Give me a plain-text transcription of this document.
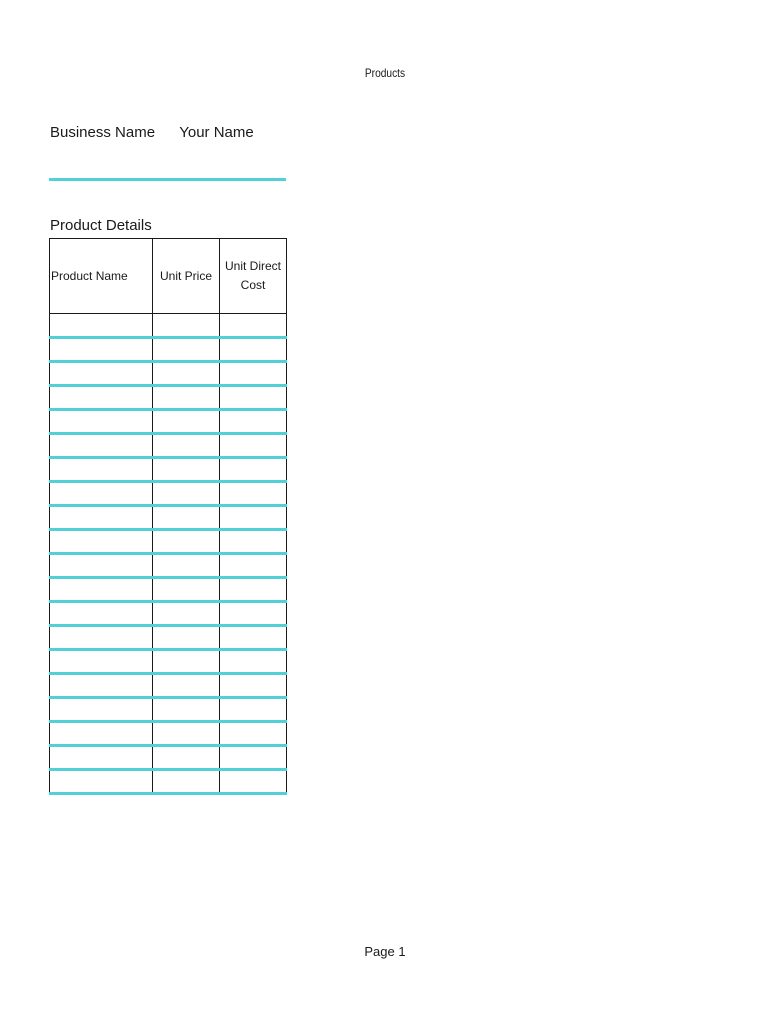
Products
Business Name Your Name
Product Details
Product Name	Unit Price	Unit Direct Cost

Page 1
